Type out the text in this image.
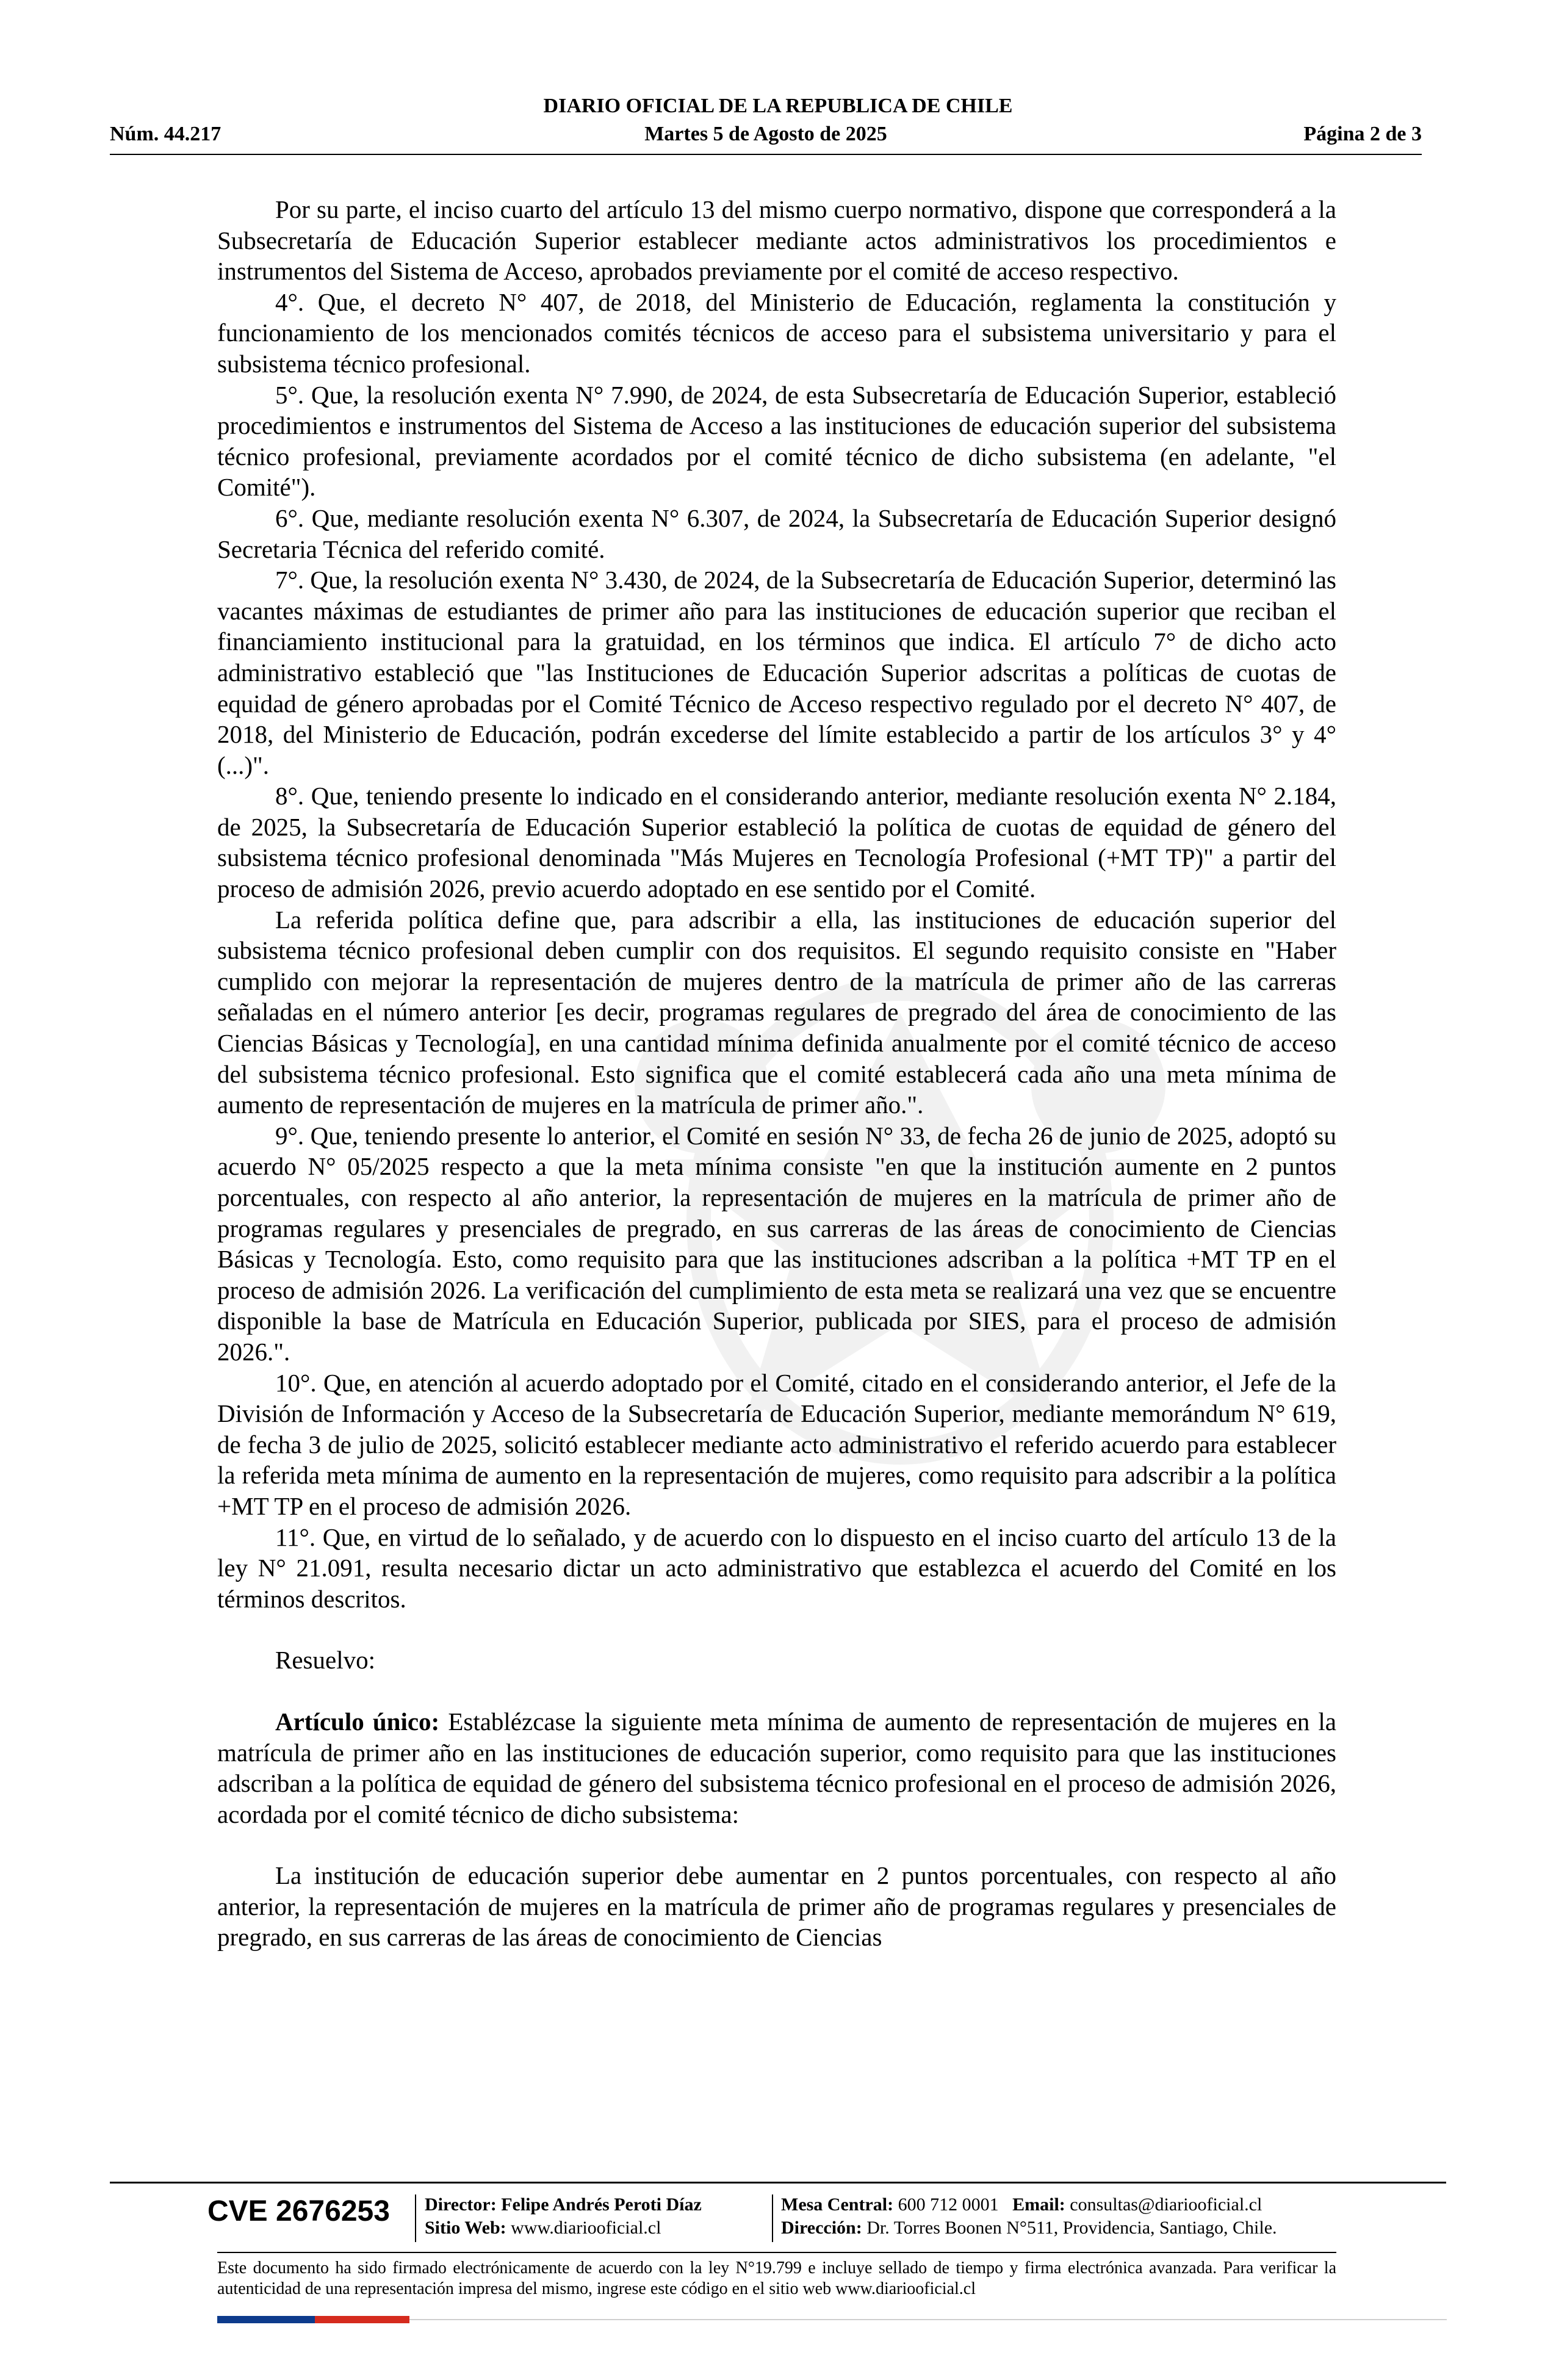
DIARIO OFICIAL DE LA REPUBLICA DE CHILE
Núm. 44.217	Martes 5 de Agosto de 2025	Página 2 de 3

Por su parte, el inciso cuarto del artículo 13 del mismo cuerpo normativo, dispone que corresponderá a la Subsecretaría de Educación Superior establecer mediante actos administrativos los procedimientos e instrumentos del Sistema de Acceso, aprobados previamente por el comité de acceso respectivo.

4°. Que, el decreto N° 407, de 2018, del Ministerio de Educación, reglamenta la constitución y funcionamiento de los mencionados comités técnicos de acceso para el subsistema universitario y para el subsistema técnico profesional.

5°. Que, la resolución exenta N° 7.990, de 2024, de esta Subsecretaría de Educación Superior, estableció procedimientos e instrumentos del Sistema de Acceso a las instituciones de educación superior del subsistema técnico profesional, previamente acordados por el comité técnico de dicho subsistema (en adelante, "el Comité").

6°. Que, mediante resolución exenta N° 6.307, de 2024, la Subsecretaría de Educación Superior designó Secretaria Técnica del referido comité.

7°. Que, la resolución exenta N° 3.430, de 2024, de la Subsecretaría de Educación Superior, determinó las vacantes máximas de estudiantes de primer año para las instituciones de educación superior que reciban el financiamiento institucional para la gratuidad, en los términos que indica. El artículo 7° de dicho acto administrativo estableció que "las Instituciones de Educación Superior adscritas a políticas de cuotas de equidad de género aprobadas por el Comité Técnico de Acceso respectivo regulado por el decreto N° 407, de 2018, del Ministerio de Educación, podrán excederse del límite establecido a partir de los artículos 3° y 4° (...)".

8°. Que, teniendo presente lo indicado en el considerando anterior, mediante resolución exenta N° 2.184, de 2025, la Subsecretaría de Educación Superior estableció la política de cuotas de equidad de género del subsistema técnico profesional denominada "Más Mujeres en Tecnología Profesional (+MT TP)" a partir del proceso de admisión 2026, previo acuerdo adoptado en ese sentido por el Comité.

La referida política define que, para adscribir a ella, las instituciones de educación superior del subsistema técnico profesional deben cumplir con dos requisitos. El segundo requisito consiste en "Haber cumplido con mejorar la representación de mujeres dentro de la matrícula de primer año de las carreras señaladas en el número anterior [es decir, programas regulares de pregrado del área de conocimiento de las Ciencias Básicas y Tecnología], en una cantidad mínima definida anualmente por el comité técnico de acceso del subsistema técnico profesional. Esto significa que el comité establecerá cada año una meta mínima de aumento de representación de mujeres en la matrícula de primer año.".

9°. Que, teniendo presente lo anterior, el Comité en sesión N° 33, de fecha 26 de junio de 2025, adoptó su acuerdo N° 05/2025 respecto a que la meta mínima consiste "en que la institución aumente en 2 puntos porcentuales, con respecto al año anterior, la representación de mujeres en la matrícula de primer año de programas regulares y presenciales de pregrado, en sus carreras de las áreas de conocimiento de Ciencias Básicas y Tecnología. Esto, como requisito para que las instituciones adscriban a la política +MT TP en el proceso de admisión 2026. La verificación del cumplimiento de esta meta se realizará una vez que se encuentre disponible la base de Matrícula en Educación Superior, publicada por SIES, para el proceso de admisión 2026.".

10°. Que, en atención al acuerdo adoptado por el Comité, citado en el considerando anterior, el Jefe de la División de Información y Acceso de la Subsecretaría de Educación Superior, mediante memorándum N° 619, de fecha 3 de julio de 2025, solicitó establecer mediante acto administrativo el referido acuerdo para establecer la referida meta mínima de aumento en la representación de mujeres, como requisito para adscribir a la política +MT TP en el proceso de admisión 2026.

11°. Que, en virtud de lo señalado, y de acuerdo con lo dispuesto en el inciso cuarto del artículo 13 de la ley N° 21.091, resulta necesario dictar un acto administrativo que establezca el acuerdo del Comité en los términos descritos.

Resuelvo:

Artículo único: Establézcase la siguiente meta mínima de aumento de representación de mujeres en la matrícula de primer año en las instituciones de educación superior, como requisito para que las instituciones adscriban a la política de equidad de género del subsistema técnico profesional en el proceso de admisión 2026, acordada por el comité técnico de dicho subsistema:

La institución de educación superior debe aumentar en 2 puntos porcentuales, con respecto al año anterior, la representación de mujeres en la matrícula de primer año de programas regulares y presenciales de pregrado, en sus carreras de las áreas de conocimiento de Ciencias

CVE 2676253 Director: Felipe Andrés Peroti Díaz
Sitio Web: www.diariooficial.cl
Mesa Central: 600 712 0001 Email: consultas@diariooficial.cl
Dirección: Dr. Torres Boonen N°511, Providencia, Santiago, Chile.
Este documento ha sido firmado electrónicamente de acuerdo con la ley N°19.799 e incluye sellado de tiempo y firma electrónica avanzada. Para verificar la autenticidad de una representación impresa del mismo, ingrese este código en el sitio web www.diariooficial.cl
